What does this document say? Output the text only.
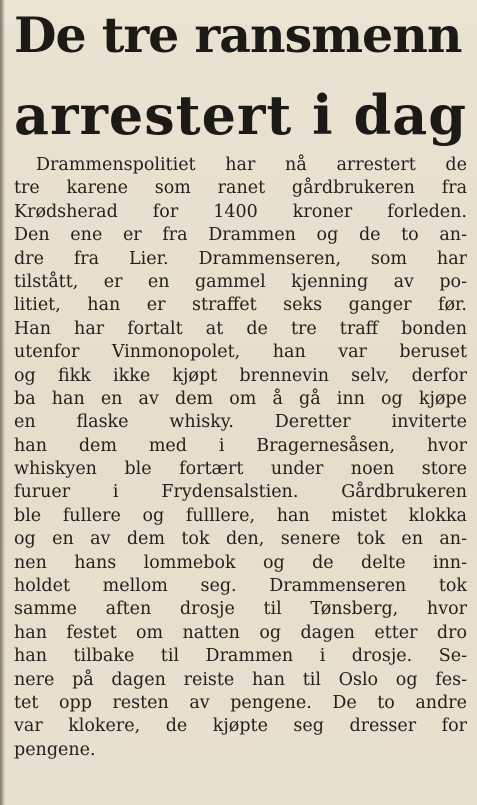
De tre ransmenn
arrestert i dag
Drammenspolitiet har nå arrestert de
tre karene som ranet gårdbrukeren fra
Krødsherad for 1400 kroner forleden.
Den ene er fra Drammen og de to an-
dre fra Lier. Drammenseren, som har
tilstått, er en gammel kjenning av po-
litiet, han er straffet seks ganger før.
Han har fortalt at de tre traff bonden
utenfor Vinmonopolet, han var beruset
og fikk ikke kjøpt brennevin selv, derfor
ba han en av dem om å gå inn og kjøpe
en flaske whisky. Deretter inviterte
han dem med i Bragernesåsen, hvor
whiskyen ble fortært under noen store
furuer i Frydensalstien. Gårdbrukeren
ble fullere og fulllere, han mistet klokka
og en av dem tok den, senere tok en an-
nen hans lommebok og de delte inn-
holdet mellom seg. Drammenseren tok
samme aften drosje til Tønsberg, hvor
han festet om natten og dagen etter dro
han tilbake til Drammen i drosje. Se-
nere på dagen reiste han til Oslo og fes-
tet opp resten av pengene. De to andre
var klokere, de kjøpte seg dresser for
pengene.
